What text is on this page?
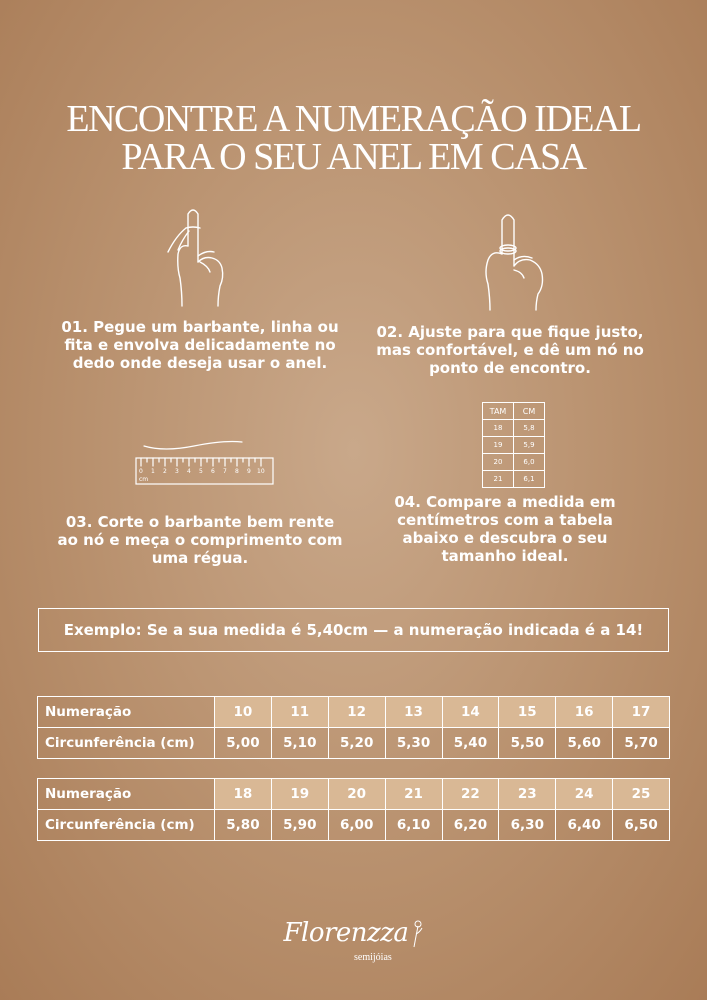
ENCONTRE A NUMERAÇÃO IDEAL
PARA O SEU ANEL EM CASA
01. Pegue um barbante, linha ou fita e envolva delicadamente no dedo onde deseja usar o anel.
02. Ajuste para que fique justo, mas confortável, e dê um nó no ponto de encontro.
0 1 2 3 4 5 6 7 8 9 10
cm
TAM	CM
18	5,8
19	5,9
20	6,0
21	6,1
03. Corte o barbante bem rente ao nó e meça o comprimento com uma régua.
04. Compare a medida em centímetros com a tabela abaixo e descubra o seu tamanho ideal.
Exemplo: Se a sua medida é 5,40cm — a numeração indicada é a 14!
Numeração	10	11	12	13	14	15	16	17
Circunferência (cm)	5,00	5,10	5,20	5,30	5,40	5,50	5,60	5,70
Numeração	18	19	20	21	22	23	24	25
Circunferência (cm)	5,80	5,90	6,00	6,10	6,20	6,30	6,40	6,50
Florenzza
semijóias
